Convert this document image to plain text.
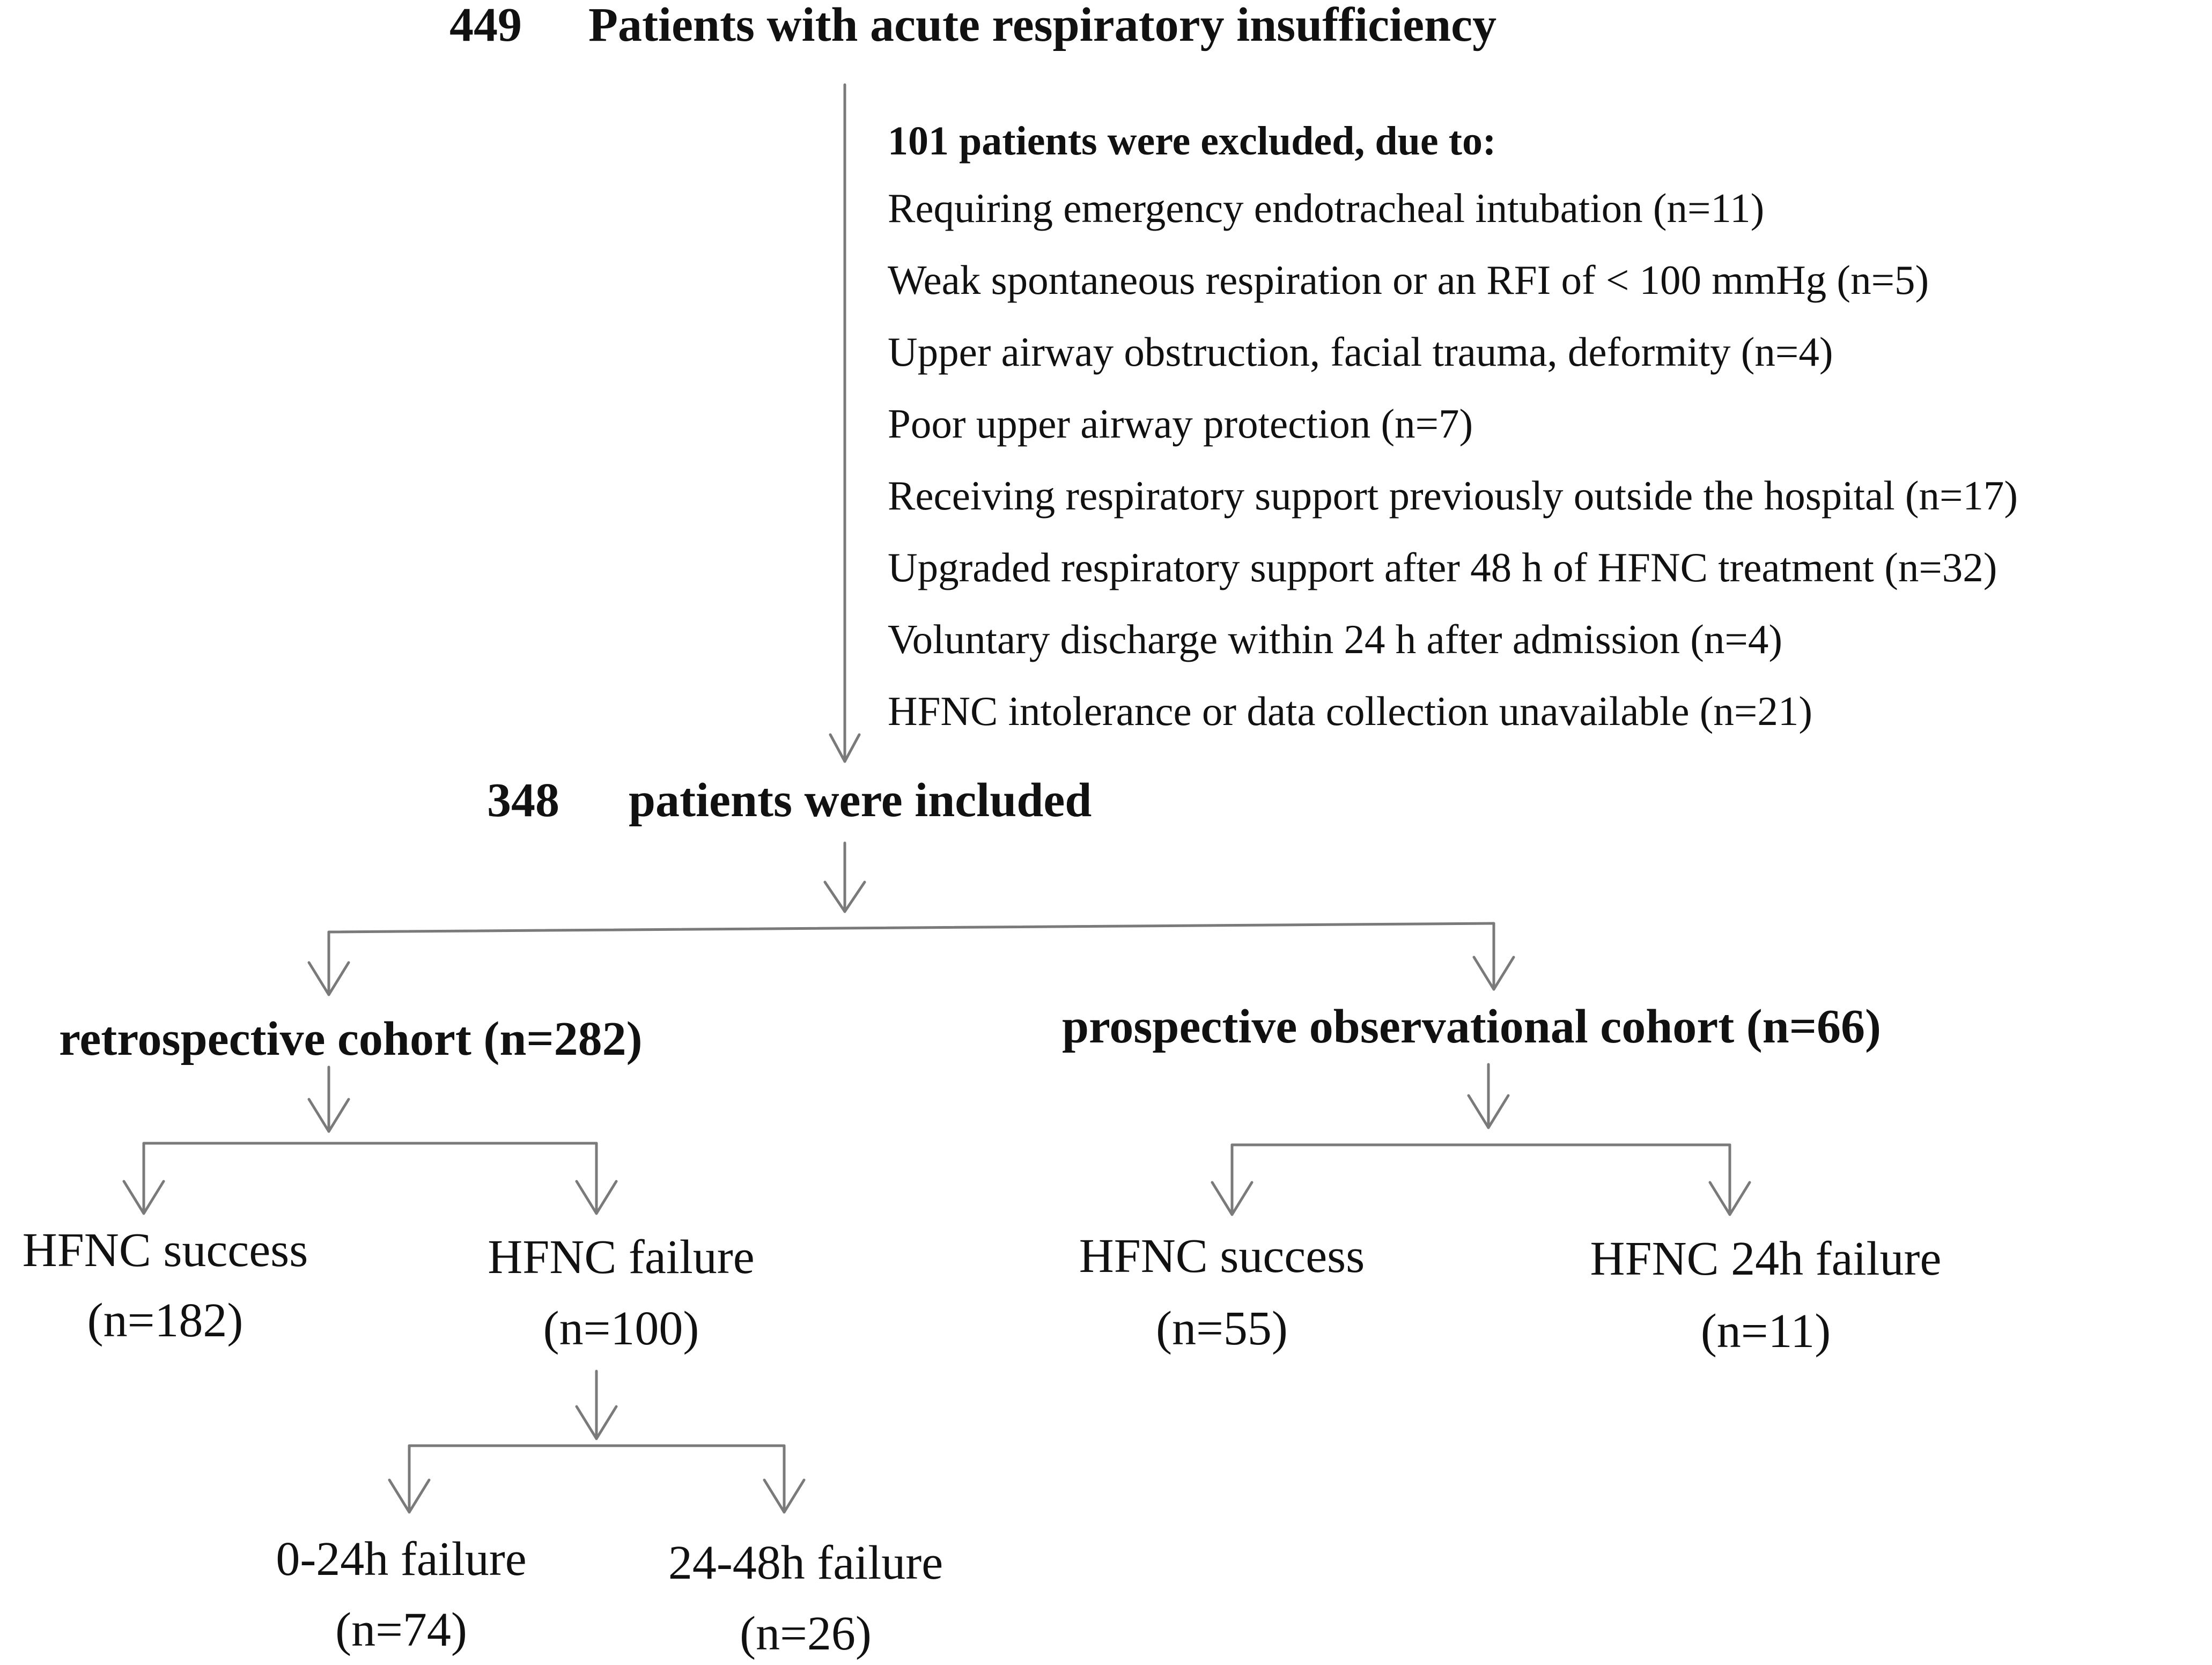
449 Patients with acute respiratory insufficiency
101 patients were excluded, due to:
Requiring emergency endotracheal intubation (n=11)
Weak spontaneous respiration or an RFI of < 100 mmHg (n=5)
Upper airway obstruction, facial trauma, deformity (n=4)
Poor upper airway protection (n=7)
Receiving respiratory support previously outside the hospital (n=17)
Upgraded respiratory support after 48 h of HFNC treatment (n=32)
Voluntary discharge within 24 h after admission (n=4)
HFNC intolerance or data collection unavailable (n=21)
348 patients were included
retrospective cohort (n=282)	prospective observational cohort (n=66)
HFNC success
(n=182)
HFNC failure
(n=100)
0-24h failure
(n=74)
24-48h failure
(n=26)
HFNC success
(n=55)
HFNC 24h failure
(n=11)
